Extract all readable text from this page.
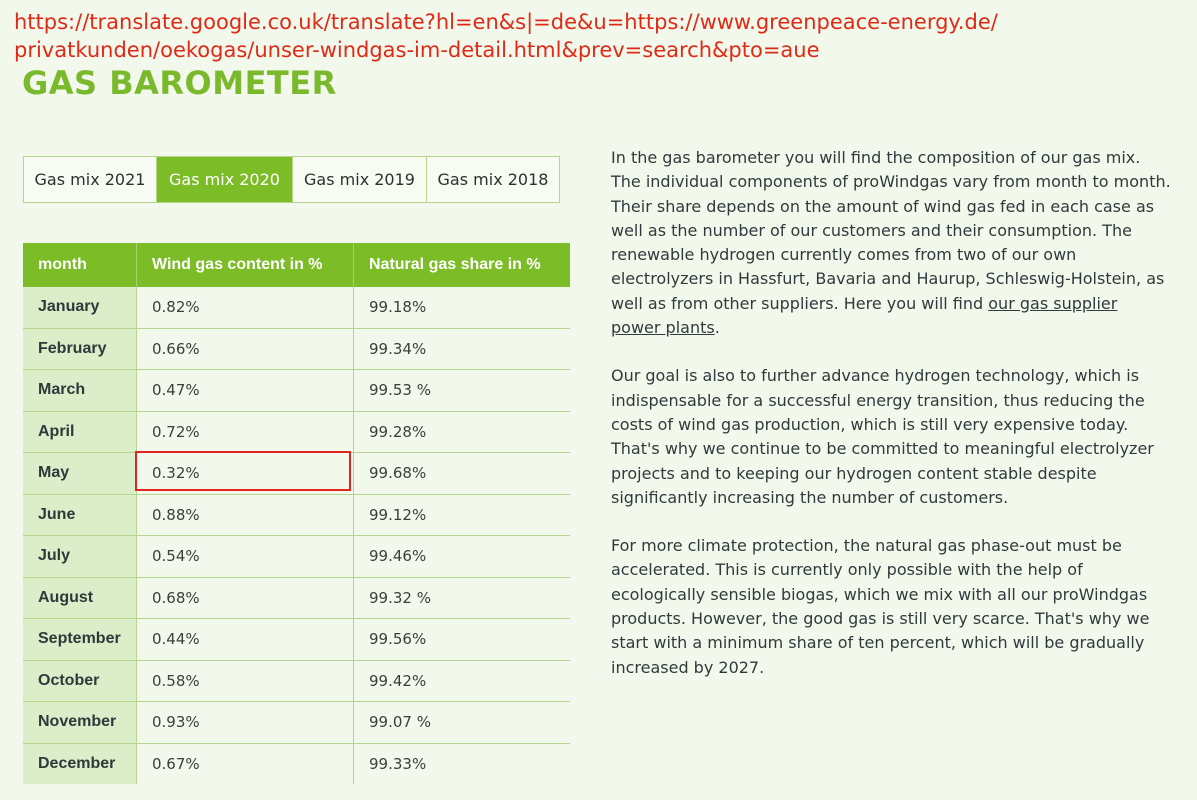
https://translate.google.co.uk/translate?hl=en&s|=de&u=https://www.greenpeace-energy.de/
privatkunden/oekogas/unser-windgas-im-detail.html&prev=search&pto=aue
GAS BAROMETER
Gas mix 2021	Gas mix 2020	Gas mix 2019	Gas mix 2018
month	Wind gas content in %	Natural gas share in %
January	0.82%	99.18%
February	0.66%	99.34%
March	0.47%	99.53 %
April	0.72%	99.28%
May	0.32%	99.68%
June	0.88%	99.12%
July	0.54%	99.46%
August	0.68%	99.32 %
September	0.44%	99.56%
October	0.58%	99.42%
November	0.93%	99.07 %
December	0.67%	99.33%

In the gas barometer you will find the composition of our gas mix. The individual components of proWindgas vary from month to month. Their share depends on the amount of wind gas fed in each case as well as the number of our customers and their consumption. The renewable hydrogen currently comes from two of our own electrolyzers in Hassfurt, Bavaria and Haurup, Schleswig-Holstein, as well as from other suppliers. Here you will find our gas supplier power plants.

Our goal is also to further advance hydrogen technology, which is indispensable for a successful energy transition, thus reducing the costs of wind gas production, which is still very expensive today. That's why we continue to be committed to meaningful electrolyzer projects and to keeping our hydrogen content stable despite significantly increasing the number of customers.

For more climate protection, the natural gas phase-out must be accelerated. This is currently only possible with the help of ecologically sensible biogas, which we mix with all our proWindgas products. However, the good gas is still very scarce. That's why we start with a minimum share of ten percent, which will be gradually increased by 2027.
